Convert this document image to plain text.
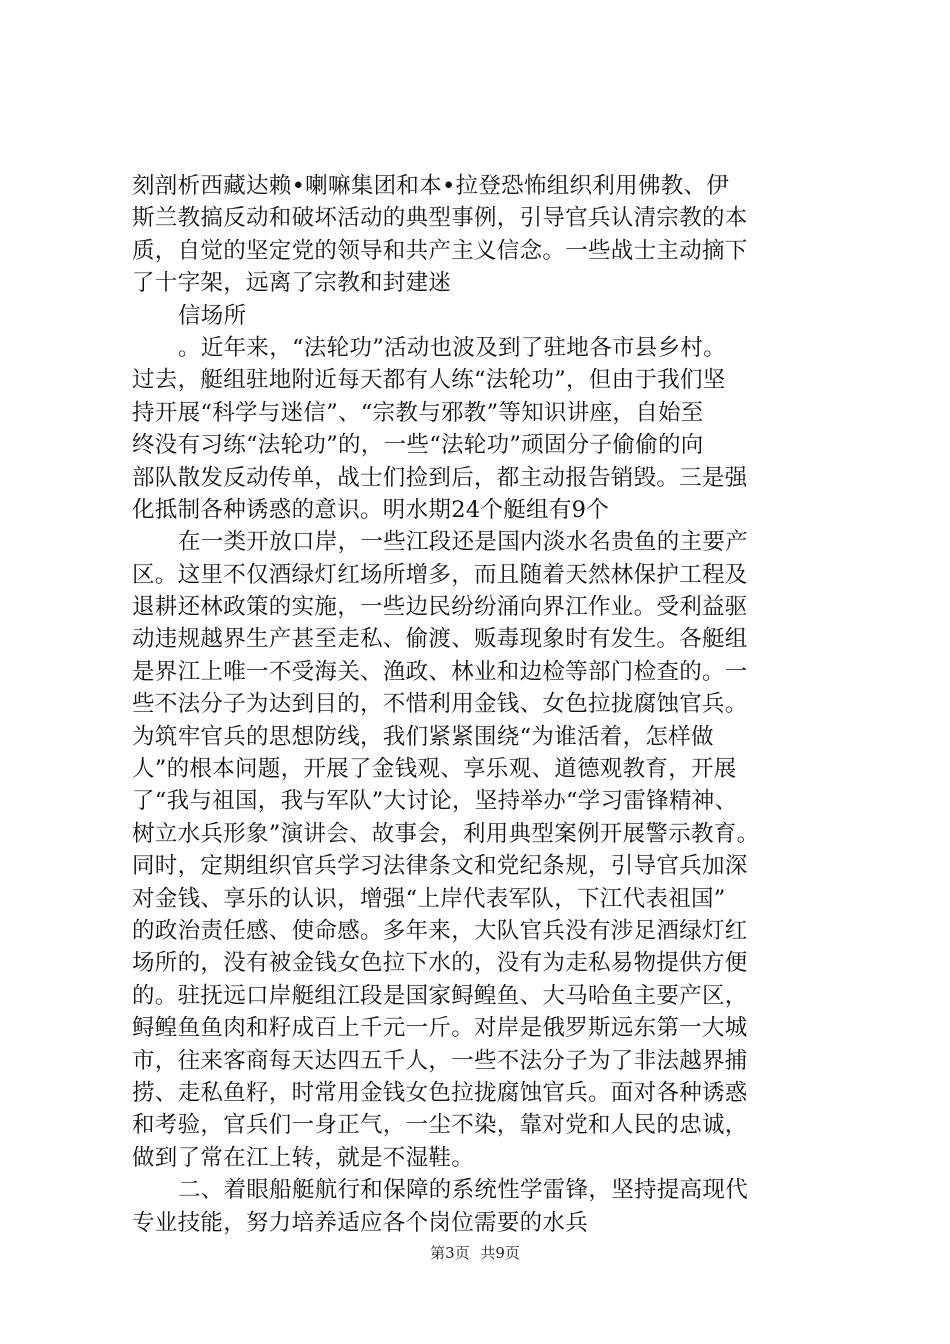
刻剖析西藏达赖•喇嘛集团和本•拉登恐怖组织利用佛教、伊
斯兰教搞反动和破坏活动的典型事例，引导官兵认清宗教的本
质，自觉的坚定党的领导和共产主义信念。一些战士主动摘下
了十字架，远离了宗教和封建迷
信场所
。近年来，“法轮功”活动也波及到了驻地各市县乡村。
过去，艇组驻地附近每天都有人练“法轮功”，但由于我们坚
持开展“科学与迷信”、“宗教与邪教”等知识讲座，自始至
终没有习练“法轮功”的，一些“法轮功”顽固分子偷偷的向
部队散发反动传单，战士们捡到后，都主动报告销毁。三是强
化抵制各种诱惑的意识。明水期24个艇组有9个
在一类开放口岸，一些江段还是国内淡水名贵鱼的主要产
区。这里不仅酒绿灯红场所增多，而且随着天然林保护工程及
退耕还林政策的实施，一些边民纷纷涌向界江作业。受利益驱
动违规越界生产甚至走私、偷渡、贩毒现象时有发生。各艇组
是界江上唯一不受海关、渔政、林业和边检等部门检查的。一
些不法分子为达到目的，不惜利用金钱、女色拉拢腐蚀官兵。
为筑牢官兵的思想防线，我们紧紧围绕“为谁活着，怎样做
人”的根本问题，开展了金钱观、享乐观、道德观教育，开展
了“我与祖国，我与军队”大讨论，坚持举办“学习雷锋精神、
树立水兵形象”演讲会、故事会，利用典型案例开展警示教育。
同时，定期组织官兵学习法律条文和党纪条规，引导官兵加深
对金钱、享乐的认识，增强“上岸代表军队，下江代表祖国”
的政治责任感、使命感。多年来，大队官兵没有涉足酒绿灯红
场所的，没有被金钱女色拉下水的，没有为走私易物提供方便
的。驻抚远口岸艇组江段是国家鲟鳇鱼、大马哈鱼主要产区，
鲟鳇鱼鱼肉和籽成百上千元一斤。对岸是俄罗斯远东第一大城
市，往来客商每天达四五千人，一些不法分子为了非法越界捕
捞、走私鱼籽，时常用金钱女色拉拢腐蚀官兵。面对各种诱惑
和考验，官兵们一身正气，一尘不染，靠对党和人民的忠诚，
做到了常在江上转，就是不湿鞋。
二、着眼船艇航行和保障的系统性学雷锋，坚持提高现代
专业技能，努力培养适应各个岗位需要的水兵
第3页 共9页
